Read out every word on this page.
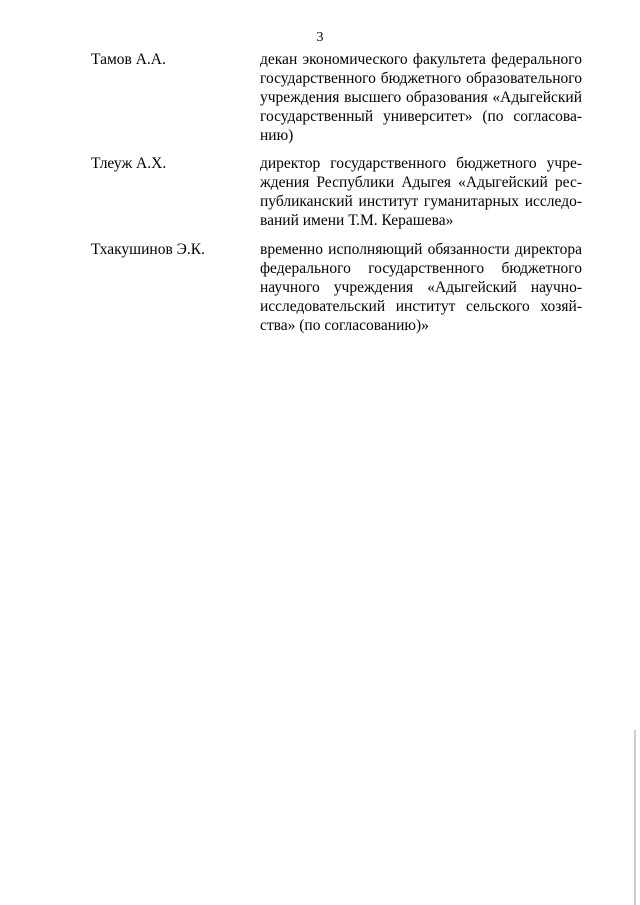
3
Тамов А.А.	декан экономического факультета федерального
государственного бюджетного образовательного
учреждения высшего образования «Адыгейский
государственный университет» (по согласова-
нию)
Тлеуж А.Х.	директор государственного бюджетного учре-
ждения Республики Адыгея «Адыгейский рес-
публиканский институт гуманитарных исследо-
ваний имени Т.М. Керашева»
Тхакушинов Э.К.	временно исполняющий обязанности директора
федерального государственного бюджетного
научного учреждения «Адыгейский научно-
исследовательский институт сельского хозяй-
ства» (по согласованию)»
